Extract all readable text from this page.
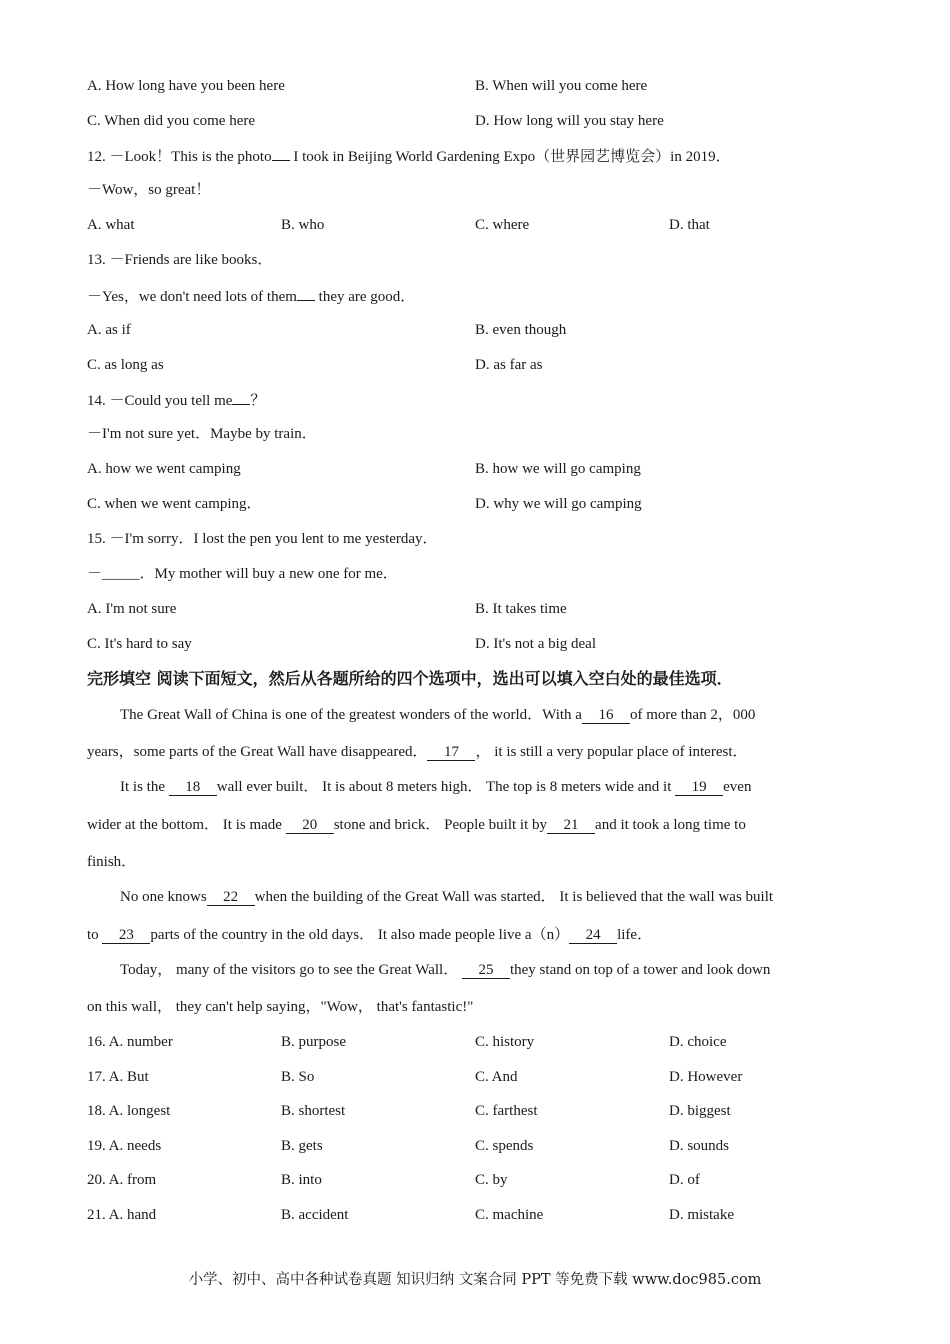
A. How long have you been here	B. When will you come here
C. When did you come here	D. How long will you stay here
12. －Look！This is the photo I took in Beijing World Gardening Expo（世界园艺博览会）in 2019．
－Wow，so great！
A. what	B. who	C. where	D. that
13. －Friends are like books．
－Yes，we don't need lots of them they are good．
A. as if	B. even though
C. as long as	D. as far as
14. －Could you tell me ？
－I'm not sure yet．Maybe by train．
A. how we went camping	B. how we will go camping
C. when we went camping．	D. why we will go camping
15. －I'm sorry．I lost the pen you lent to me yesterday．
－_____．My mother will buy a new one for me．
A. I'm not sure	B. It takes time
C. It's hard to say	D. It's not a big deal
完形填空 阅读下面短文，然后从各题所给的四个选项中，选出可以填入空白处的最佳选项．
The Great Wall of China is one of the greatest wonders of the world．With a 16 of more than 2，000
years，some parts of the Great Wall have disappeared． 17 ， it is still a very popular place of interest．
It is the 18 wall ever built． It is about 8 meters high． The top is 8 meters wide and it 19 even
wider at the bottom． It is made 20 stone and brick． People built it by 21 and it took a long time to
finish．
No one knows 22 when the building of the Great Wall was started． It is believed that the wall was built
to 23 parts of the country in the old days． It also made people live a（n） 24 life．
Today， many of the visitors go to see the Great Wall． 25 they stand on top of a tower and look down
on this wall， they can't help saying，"Wow， that's fantastic!"
16. A. number	B. purpose	C. history	D. choice
17. A. But	B. So	C. And	D. However
18. A. longest	B. shortest	C. farthest	D. biggest
19. A. needs	B. gets	C. spends	D. sounds
20. A. from	B. into	C. by	D. of
21. A. hand	B. accident	C. machine	D. mistake
小学、初中、高中各种试卷真题 知识归纳 文案合同 PPT 等免费下载 www.doc985.com
